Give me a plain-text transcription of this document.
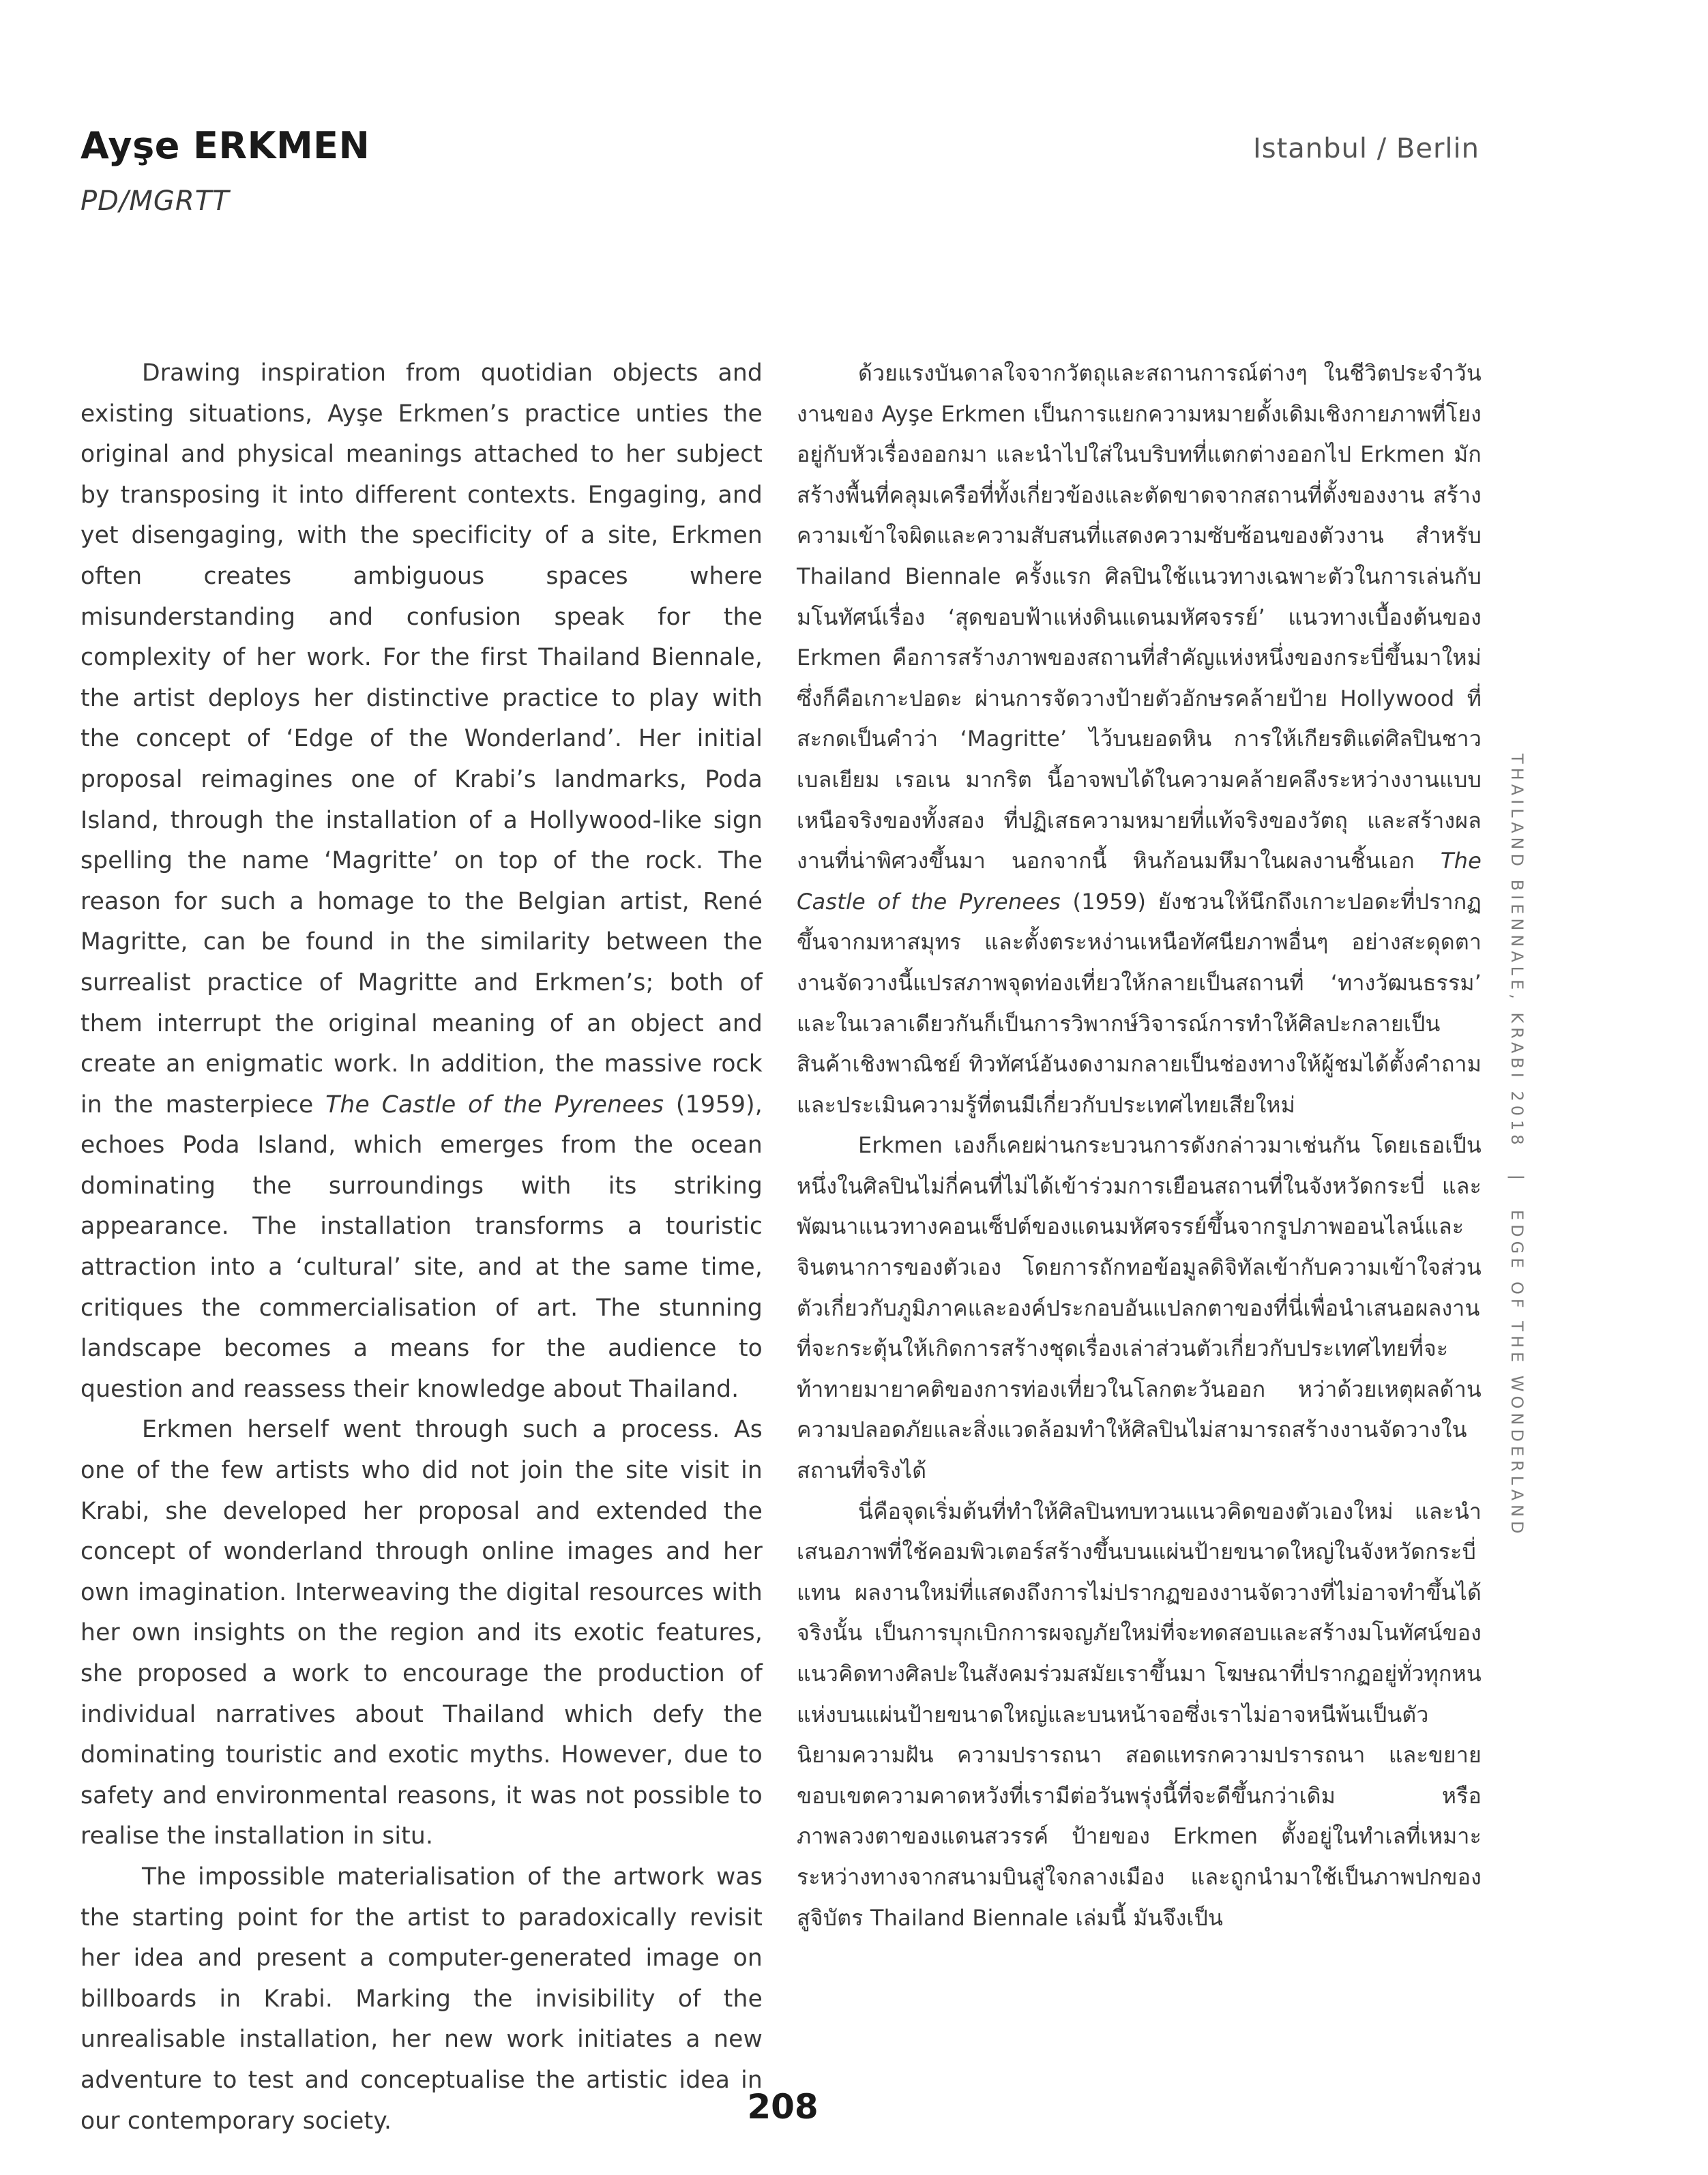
Ayşe ERKMEN
PD/MGRTT
Istanbul / Berlin

Drawing inspiration from quotidian objects and existing situations, Ayşe Erkmen’s practice unties the original and physical meanings attached to her subject by transposing it into different contexts. Engaging, and yet disengaging, with the specificity of a site, Erkmen often creates ambiguous spaces where misunderstanding and confusion speak for the complexity of her work. For the first Thailand Biennale, the artist deploys her distinctive practice to play with the concept of ‘Edge of the Wonderland’. Her initial proposal reimagines one of Krabi’s landmarks, Poda Island, through the installation of a Hollywood-like sign spelling the name ‘Magritte’ on top of the rock. The reason for such a homage to the Belgian artist, René Magritte, can be found in the similarity between the surrealist practice of Magritte and Erkmen’s; both of them interrupt the original meaning of an object and create an enigmatic work. In addition, the massive rock in the masterpiece The Castle of the Pyrenees (1959), echoes Poda Island, which emerges from the ocean dominating the surroundings with its striking appearance. The installation transforms a touristic attraction into a ‘cultural’ site, and at the same time, critiques the commercialisation of art. The stunning landscape becomes a means for the audience to question and reassess their knowledge about Thailand.

Erkmen herself went through such a process. As one of the few artists who did not join the site visit in Krabi, she developed her proposal and extended the concept of wonderland through online images and her own imagination. Interweaving the digital resources with her own insights on the region and its exotic features, she proposed a work to encourage the production of individual narratives about Thailand which defy the dominating touristic and exotic myths. However, due to safety and environmental reasons, it was not possible to realise the installation in situ.

The impossible materialisation of the artwork was the starting point for the artist to paradoxically revisit her idea and present a computer-generated image on billboards in Krabi. Marking the invisibility of the unrealisable installation, her new work initiates a new adventure to test and conceptualise the artistic idea in our contemporary society.

ด้วยแรงบันดาลใจจากวัตถุและสถานการณ์ต่างๆ ในชีวิตประจำวัน งานของ Ayşe Erkmen เป็นการแยกความหมายดั้งเดิมเชิงกายภาพที่โยงอยู่กับหัวเรื่องออกมา และนำไปใส่ในบริบทที่แตกต่างออกไป Erkmen มักสร้างพื้นที่คลุมเครือที่ทั้งเกี่ยวข้องและตัดขาดจากสถานที่ตั้งของงาน สร้างความเข้าใจผิดและความสับสนที่แสดงความซับซ้อนของตัวงาน สำหรับ Thailand Biennale ครั้งแรก ศิลปินใช้แนวทางเฉพาะตัวในการเล่นกับมโนทัศน์เรื่อง ‘สุดขอบฟ้าแห่งดินแดนมหัศจรรย์’ แนวทางเบื้องต้นของ Erkmen คือการสร้างภาพของสถานที่สำคัญแห่งหนึ่งของกระบี่ขึ้นมาใหม่ ซึ่งก็คือเกาะปอดะ ผ่านการจัดวางป้ายตัวอักษรคล้ายป้าย Hollywood ที่สะกดเป็นคำว่า ‘Magritte’ ไว้บนยอดหิน การให้เกียรติแด่ศิลปินชาวเบลเยียม เรอเน มากริต นี้อาจพบได้ในความคล้ายคลึงระหว่างงานแบบเหนือจริงของทั้งสอง ที่ปฏิเสธความหมายที่แท้จริงของวัตถุ และสร้างผลงานที่น่าพิศวงขึ้นมา นอกจากนี้ หินก้อนมหึมาในผลงานชิ้นเอก The Castle of the Pyrenees (1959) ยังชวนให้นึกถึงเกาะปอดะที่ปรากฏขึ้นจากมหาสมุทร และตั้งตระหง่านเหนือทัศนียภาพอื่นๆ อย่างสะดุดตา งานจัดวางนี้แปรสภาพจุดท่องเที่ยวให้กลายเป็นสถานที่ ‘ทางวัฒนธรรม’ และในเวลาเดียวกันก็เป็นการวิพากษ์วิจารณ์การทำให้ศิลปะกลายเป็นสินค้าเชิงพาณิชย์ ทิวทัศน์อันงดงามกลายเป็นช่องทางให้ผู้ชมได้ตั้งคำถามและประเมินความรู้ที่ตนมีเกี่ยวกับประเทศไทยเสียใหม่

Erkmen เองก็เคยผ่านกระบวนการดังกล่าวมาเช่นกัน โดยเธอเป็นหนึ่งในศิลปินไม่กี่คนที่ไม่ได้เข้าร่วมการเยือนสถานที่ในจังหวัดกระบี่ และพัฒนาแนวทางคอนเซ็ปต์ของแดนมหัศจรรย์ขึ้นจากรูปภาพออนไลน์และจินตนาการของตัวเอง โดยการถักทอข้อมูลดิจิทัลเข้ากับความเข้าใจส่วนตัวเกี่ยวกับภูมิภาคและองค์ประกอบอันแปลกตาของที่นี่เพื่อนำเสนอผลงานที่จะกระตุ้นให้เกิดการสร้างชุดเรื่องเล่าส่วนตัวเกี่ยวกับประเทศไทยที่จะท้าทายมายาคติของการท่องเที่ยวในโลกตะวันออก หว่าด้วยเหตุผลด้านความปลอดภัยและสิ่งแวดล้อมทำให้ศิลปินไม่สามารถสร้างงานจัดวางในสถานที่จริงได้

นี่คือจุดเริ่มต้นที่ทำให้ศิลปินทบทวนแนวคิดของตัวเองใหม่ และนำเสนอภาพที่ใช้คอมพิวเตอร์สร้างขึ้นบนแผ่นป้ายขนาดใหญ่ในจังหวัดกระบี่แทน ผลงานใหม่ที่แสดงถึงการไม่ปรากฏของงานจัดวางที่ไม่อาจทำขึ้นได้จริงนั้น เป็นการบุกเบิกการผจญภัยใหม่ที่จะทดสอบและสร้างมโนทัศน์ของแนวคิดทางศิลปะในสังคมร่วมสมัยเราขึ้นมา โฆษณาที่ปรากฏอยู่ทั่วทุกหนแห่งบนแผ่นป้ายขนาดใหญ่และบนหน้าจอซึ่งเราไม่อาจหนีพ้นเป็นตัวนิยามความฝัน ความปรารถนา สอดแทรกความปรารถนา และขยายขอบเขตความคาดหวังที่เรามีต่อวันพรุ่งนี้ที่จะดีขึ้นกว่าเดิม หรือภาพลวงตาของแดนสวรรค์ ป้ายของ Erkmen ตั้งอยู่ในทำเลที่เหมาะ ระหว่างทางจากสนามบินสู่ใจกลางเมือง และถูกนำมาใช้เป็นภาพปกของสูจิบัตร Thailand Biennale เล่มนี้ มันจึงเป็น

THAILAND BIENNALE, KRABI 2018 | EDGE OF THE WONDERLAND
208
